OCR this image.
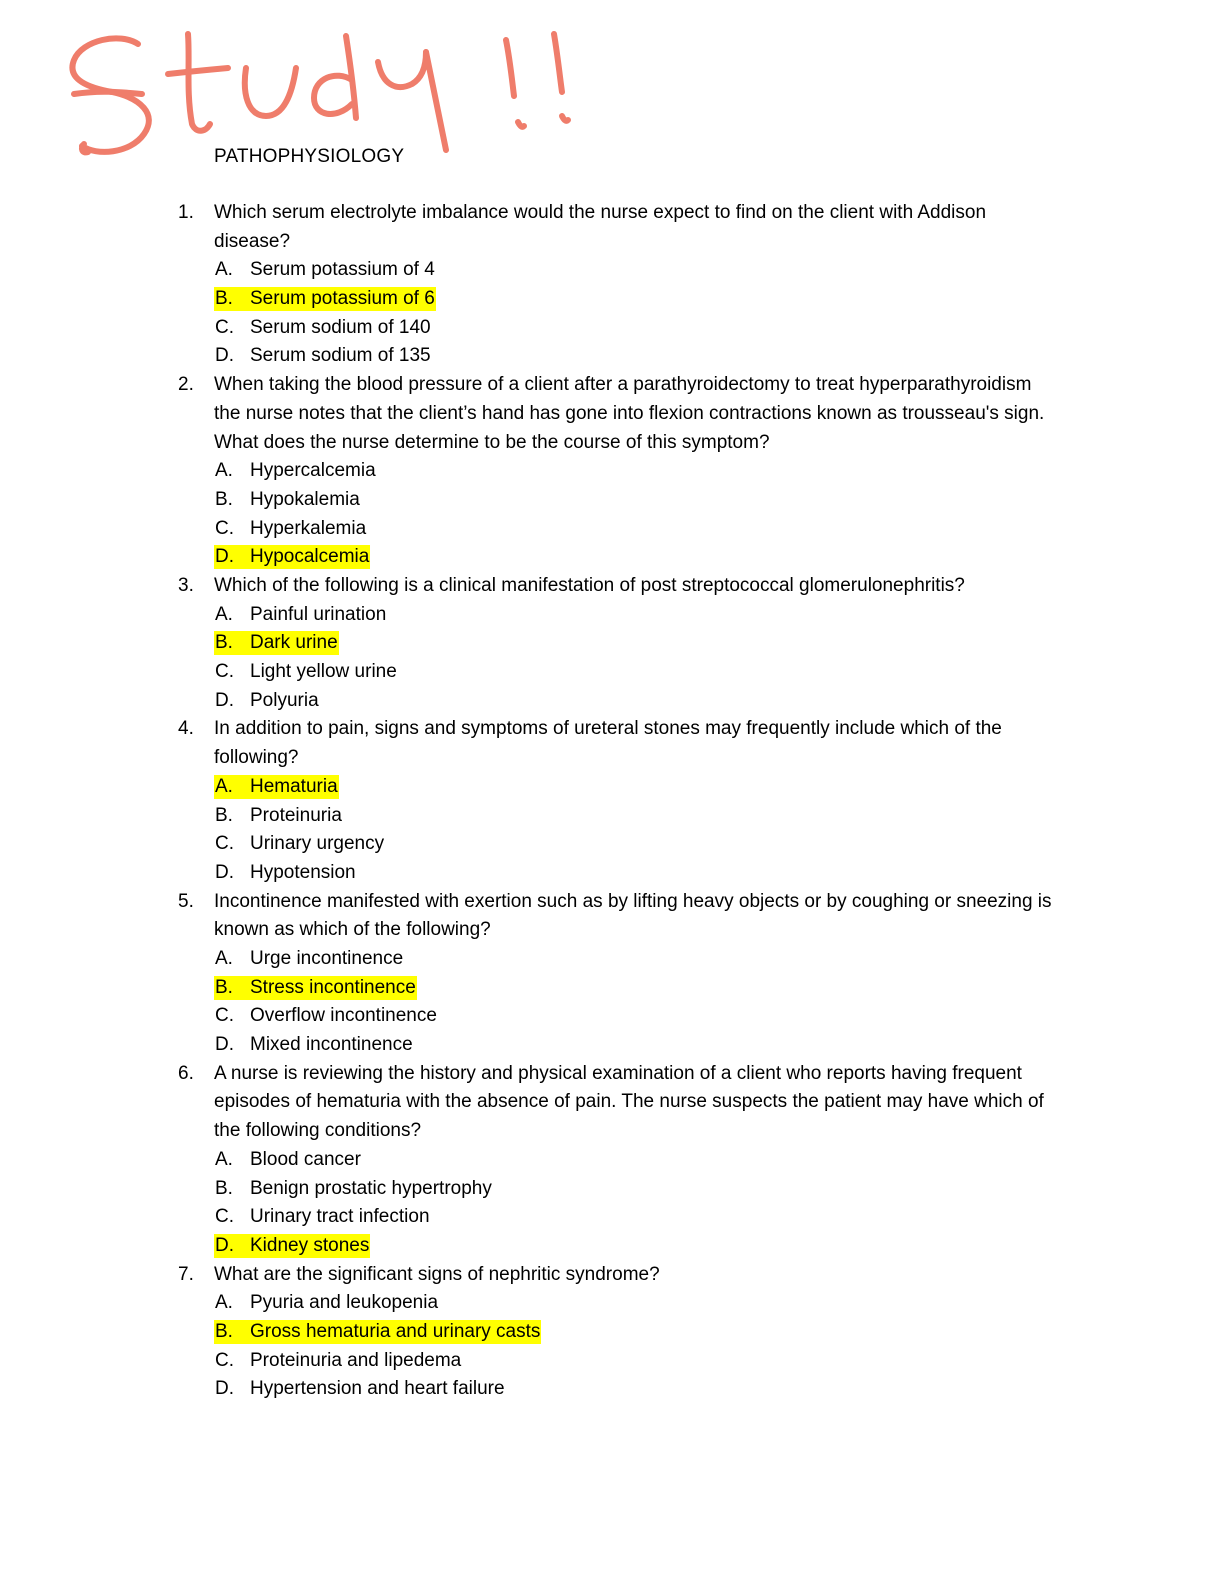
PATHOPHYSIOLOGY
1. Which serum electrolyte imbalance would the nurse expect to find on the client with Addison disease?
A. Serum potassium of 4
B. Serum potassium of 6
C. Serum sodium of 140
D. Serum sodium of 135
2. When taking the blood pressure of a client after a parathyroidectomy to treat hyperparathyroidism the nurse notes that the client’s hand has gone into flexion contractions known as trousseau's sign. What does the nurse determine to be the course of this symptom?
A. Hypercalcemia
B. Hypokalemia
C. Hyperkalemia
D. Hypocalcemia
3. Which of the following is a clinical manifestation of post streptococcal glomerulonephritis?
A. Painful urination
B. Dark urine
C. Light yellow urine
D. Polyuria
4. In addition to pain, signs and symptoms of ureteral stones may frequently include which of the following?
A. Hematuria
B. Proteinuria
C. Urinary urgency
D. Hypotension
5. Incontinence manifested with exertion such as by lifting heavy objects or by coughing or sneezing is known as which of the following?
A. Urge incontinence
B. Stress incontinence
C. Overflow incontinence
D. Mixed incontinence
6. A nurse is reviewing the history and physical examination of a client who reports having frequent episodes of hematuria with the absence of pain. The nurse suspects the patient may have which of the following conditions?
A. Blood cancer
B. Benign prostatic hypertrophy
C. Urinary tract infection
D. Kidney stones
7. What are the significant signs of nephritic syndrome?
A. Pyuria and leukopenia
B. Gross hematuria and urinary casts
C. Proteinuria and lipedema
D. Hypertension and heart failure
